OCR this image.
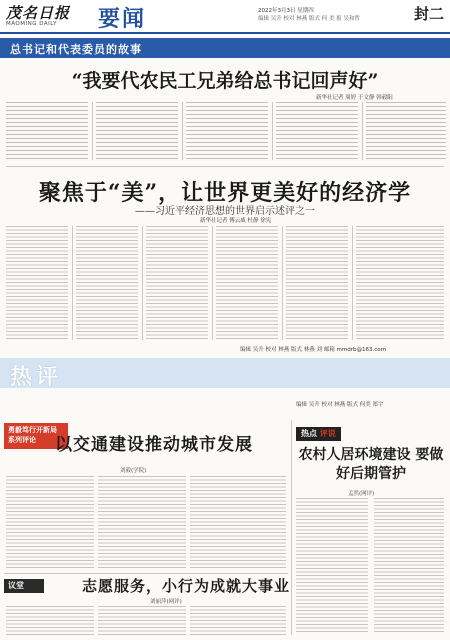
茂名日报
MAOMING DAILY 要闻	2022年3月3日 星期四
编辑 吴升 校对 林燕 版式 何 美 报 吴和哲	封二
总书记和代表委员的故事
“我要代农民工兄弟给总书记回声好”
新华社记者 周婷 于文静 韩毅阳
聚焦于“美”，让世界更美好的经济学
——习近平经济思想的世界启示述评之一
新华社记者 傅云威 杜静 徐宪
编辑 吴升 校对 林燕 版式 林燕 刘 邮箱 mmdrb@163.com
热评
编辑 吴升 校对 林燕 版式 何美 郑宇
勇毅笃行开新局 系列评论	以交通建设推动城市发展
刘毅(学院)
热点 评说
农村人居环境建设 要做好后期管护
孟然(网评)
议堂	志愿服务，小行为成就大事业
刘丽萍(网评)
